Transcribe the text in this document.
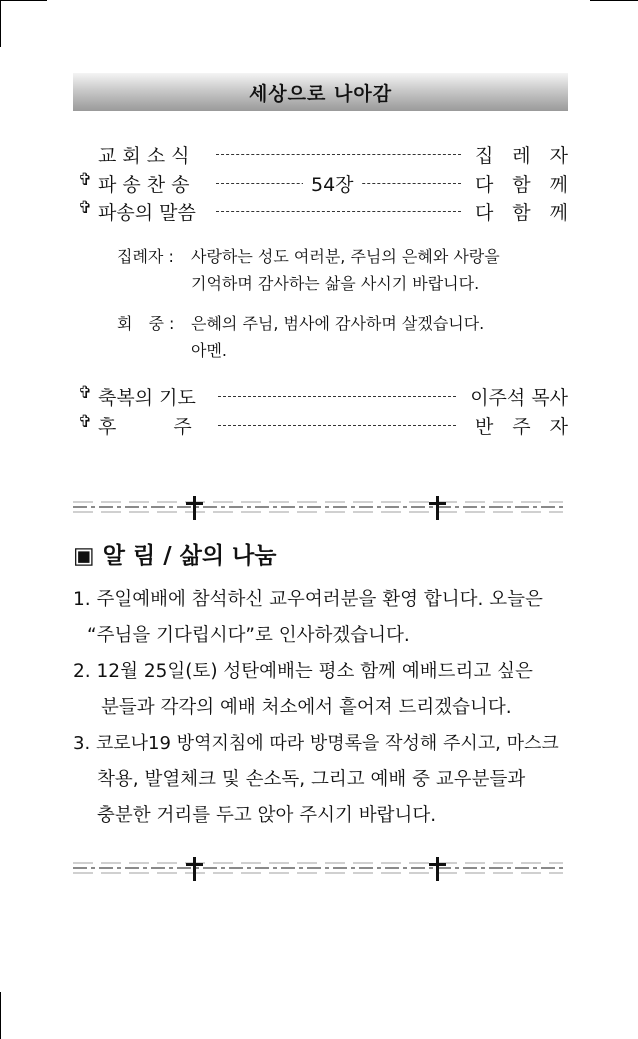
세상으로 나아감
교 회 소 식	집　레　자
✞ 파 송 찬 송	54장	다　함　께
✞ 파송의 말씀	다　함　께
집례자 : 사랑하는 성도 여러분, 주님의 은혜와 사랑을
기억하며 감사하는 삶을 사시기 바랍니다.
회　중 : 은혜의 주님, 범사에 감사하며 살겠습니다.
아멘.
✞ 축복의 기도	이주석 목사
✞ 후　　　주	반　주　자
▣ 알 림 / 삶의 나눔
1. 주일예배에 참석하신 교우여러분을 환영 합니다. 오늘은
“주님을 기다립시다”로 인사하겠습니다.
2. 12월 25일(토) 성탄예배는 평소 함께 예배드리고 싶은
분들과 각각의 예배 처소에서 흩어져 드리겠습니다.
3. 코로나19 방역지침에 따라 방명록을 작성해 주시고, 마스크
착용, 발열체크 및 손소독, 그리고 예배 중 교우분들과
충분한 거리를 두고 앉아 주시기 바랍니다.
